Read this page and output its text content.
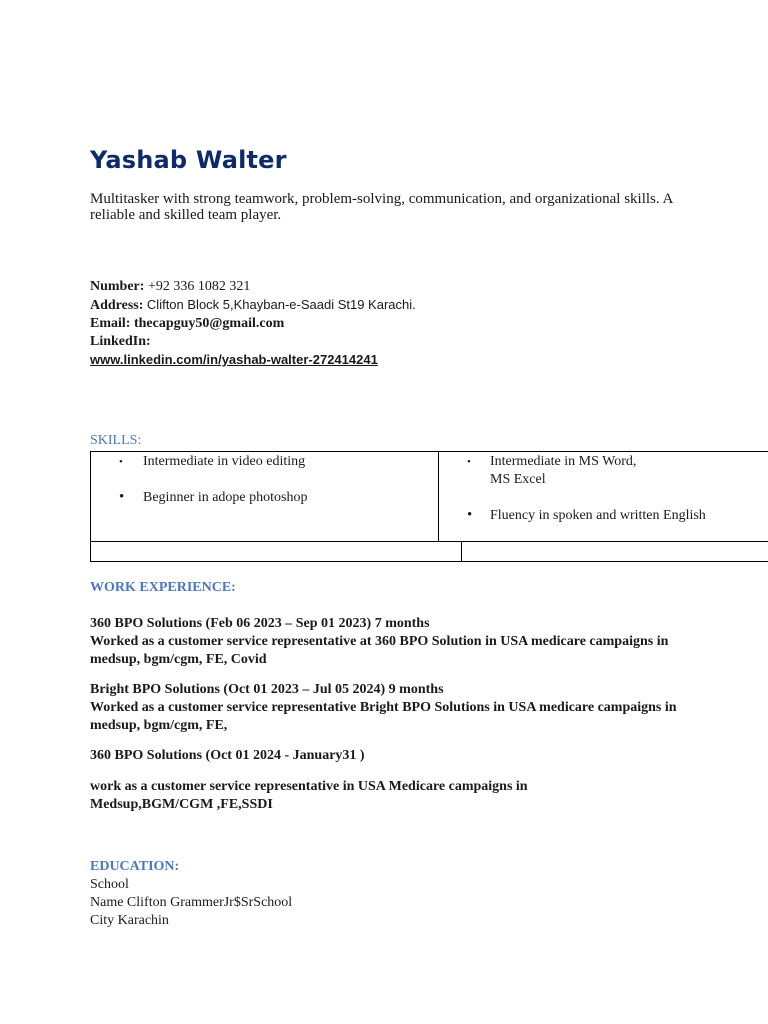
Yashab Walter
Multitasker with strong teamwork, problem-solving, communication, and organizational skills. A reliable and skilled team player.
Number: +92 336 1082 321
Address: Clifton Block 5,Khayban-e-Saadi St19 Karachi.
Email: thecapguy50@gmail.com
LinkedIn:
www.linkedin.com/in/yashab-walter-272414241
SKILLS:
• Intermediate in video editing
• Beginner in adope photoshop
• Intermediate in MS Word,
MS Excel
• Fluency in spoken and written English
WORK EXPERIENCE:
360 BPO Solutions (Feb 06 2023 – Sep 01 2023) 7 months
Worked as a customer service representative at 360 BPO Solution in USA medicare campaigns in
medsup, bgm/cgm, FE, Covid
Bright BPO Solutions (Oct 01 2023 – Jul 05 2024) 9 months
Worked as a customer service representative Bright BPO Solutions in USA medicare campaigns in
medsup, bgm/cgm, FE,
360 BPO Solutions (Oct 01 2024 - January31 )
work as a customer service representative in USA Medicare campaigns in
Medsup,BGM/CGM ,FE,SSDI
EDUCATION:
School
Name Clifton GrammerJr$SrSchool
City Karachin
